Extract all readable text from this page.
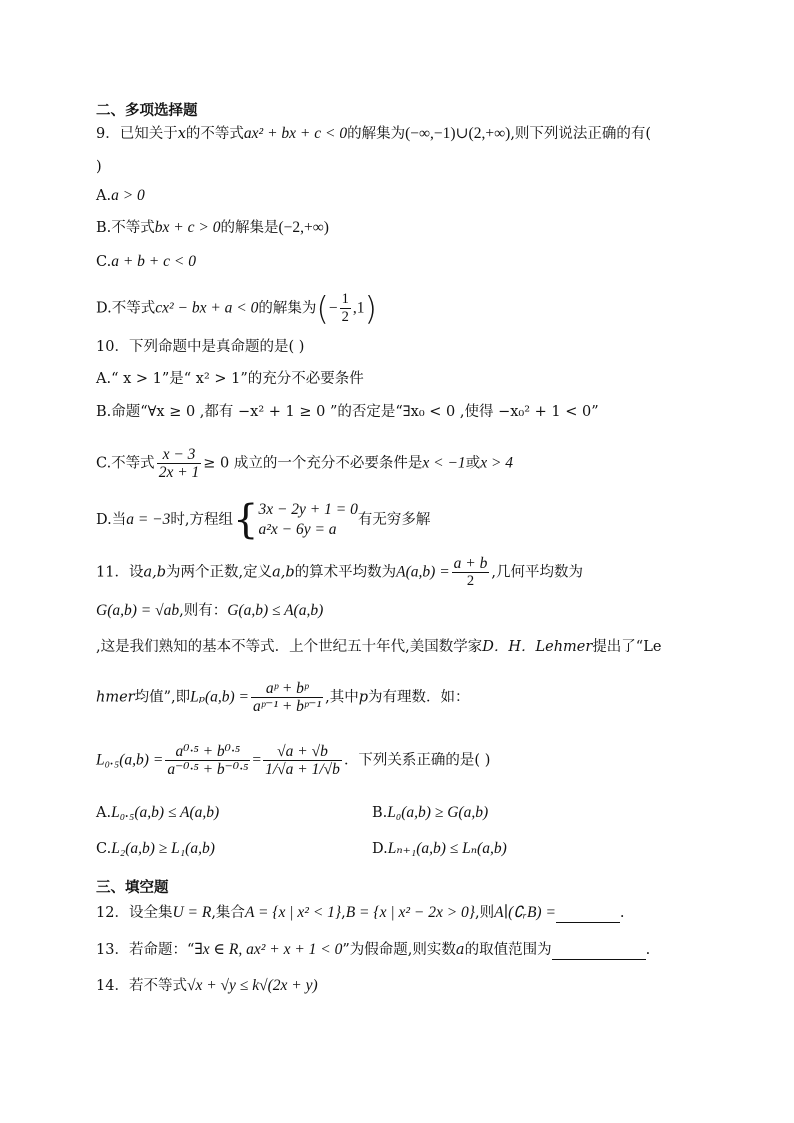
二、多项选择题
9．已知关于x的不等式ax² + bx + c < 0的解集为(−∞,−1)∪(2,+∞),则下列说法正确的有(
)
A.a > 0
B.不等式bx + c > 0的解集是(−2,+∞)
C.a + b + c < 0
D.不等式cx² − bx + a < 0的解集为(− $\frac{1}{2} ,1$)
10．下列命题中是真命题的是( )
A.“ x > 1”是“ x² > 1”的充分不必要条件
B.命题“∀x ≥ 0 ,都有 −x² + 1 ≥ 0 ”的否定是“∃x₀ < 0 ,使得 −x₀² + 1 < 0”
C.不等式 $\frac{x - 3}{2x + 1} \ge 0$ 成立的一个充分不必要条件是x < −1或x > 4
D.当a = −3时,方程组{ 3x − 2y + 1 = 0
a²x − 6y = a
有无穷多解
11．设a,b为两个正数,定义a,b的算术平均数为$A(a,b) = \frac{a + b}{2}$ ,几何平均数为
G(a,b) = √ab,则有：G(a,b) ≤ A(a,b)
,这是我们熟知的基本不等式．上个世纪五十年代,美国数学家D．H．Lehmer提出了“Le
hmer均值”,即$L_p(a,b) = \frac{\text{aᵖ + bᵖ}}{\text{aᵖ⁻¹ + bᵖ⁻¹}}$ ,其中p为有理数．如：
$L_0._5(a,b) = \frac{\text{a⁰·⁵ + b⁰·⁵}}{\text{a⁻⁰·⁵ + b⁻⁰·⁵}} = \frac{√a + √b}{1/√a + 1/√b}$ ．下列关系正确的是( )
A.L₀.₅(a,b) ≤ A(a,b)	B.L₀(a,b) ≥ G(a,b)
C.L₂(a,b) ≥ L₁(a,b)	D.Lₙ₊₁(a,b) ≤ Lₙ(a,b)
三、填空题
12．设全集U = R,集合A = {x | x² < 1},B = {x | x² − 2x > 0},则A∣(∁ᵣB) =	.
13．若命题：“∃x ∈ R, ax² + x + 1 < 0”为假命题,则实数a的取值范围为	.
14．若不等式√x + √y ≤ k√(2x + y)
